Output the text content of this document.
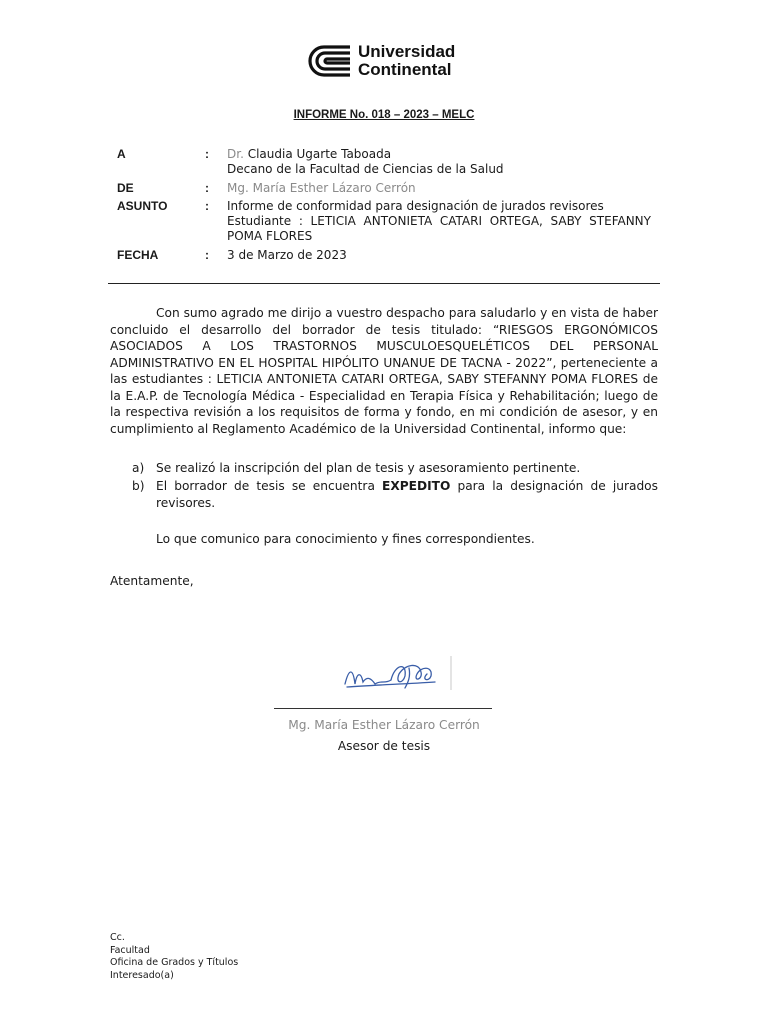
Universidad
Continental
INFORME No. 018 – 2023 – MELC
A	: Dr. Claudia Ugarte Taboada
Decano de la Facultad de Ciencias de la Salud
DE	: Mg. María Esther Lázaro Cerrón
ASUNTO	: Informe de conformidad para designación de jurados revisores
Estudiante : LETICIA ANTONIETA CATARI ORTEGA, SABY STEFANNY
POMA FLORES
FECHA	: 3 de Marzo de 2023

Con sumo agrado me dirijo a vuestro despacho para saludarlo y en vista de haber concluido el desarrollo del borrador de tesis titulado: “RIESGOS ERGONÓMICOS ASOCIADOS A LOS TRASTORNOS MUSCULOESQUELÉTICOS DEL PERSONAL ADMINISTRATIVO EN EL HOSPITAL HIPÓLITO UNANUE DE TACNA - 2022”, perteneciente a las estudiantes : LETICIA ANTONIETA CATARI ORTEGA, SABY STEFANNY POMA FLORES de la E.A.P. de Tecnología Médica - Especialidad en Terapia Física y Rehabilitación; luego de la respectiva revisión a los requisitos de forma y fondo, en mi condición de asesor, y en cumplimiento al Reglamento Académico de la Universidad Continental, informo que:

a) Se realizó la inscripción del plan de tesis y asesoramiento pertinente.
b) El borrador de tesis se encuentra EXPEDITO para la designación de jurados revisores.
Lo que comunico para conocimiento y fines correspondientes.
Atentamente,
Mg. María Esther Lázaro Cerrón
Asesor de tesis
Cc.
Facultad
Oficina de Grados y Títulos
Interesado(a)
